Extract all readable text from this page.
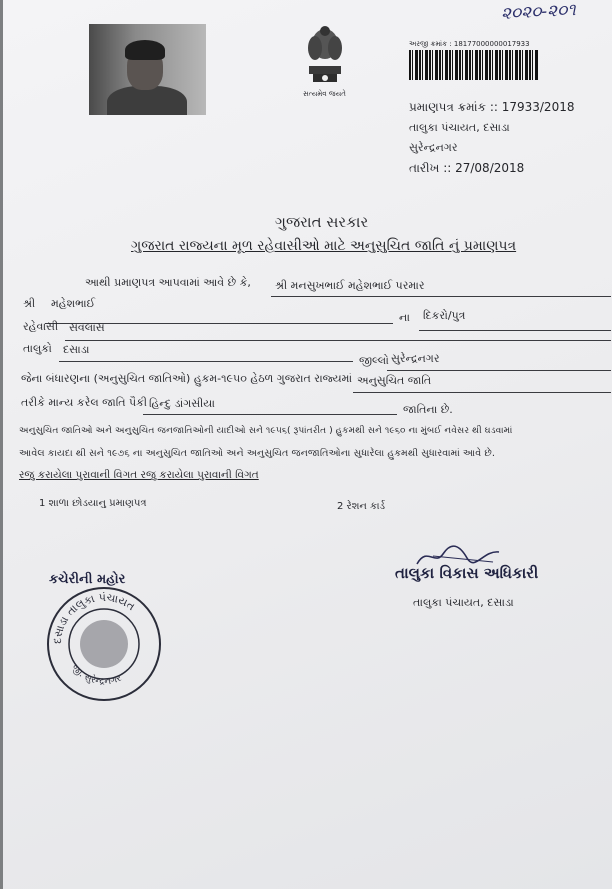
૨૦૨૦-૨૦૧
સત્યમેવ જયતે
અરજી ક્રમાંક : 18177000000017933
પ્રમાણપત્ર ક્રમાંક :: 17933/2018
તાલુકા પંચાયત, દસાડા
સુરેન્દ્રનગર
તારીખ :: 27/08/2018
ગુજરાત સરકાર
ગુજરાત રાજ્યના મૂળ રહેવાસીઓ માટે અનુસુચિત જાતિ નું પ્રમાણપત્ર
આથી પ્રમાણપત્ર આપવામાં આવે છે કે, શ્રી મનસુખભાઈ મહેશભાઈ પરમાર
શ્રી મહેશભાઈ
ના દિકરો/પુત્ર
રહેવાસી સવલાસ
તાલુકો દસાડા
જીલ્લો સુરેન્દ્રનગર
જેના બંધારણના (અનુસુચિત જાતિઓ) હુકમ-૧૯૫૦ હેઠળ ગુજરાત રાજ્યમાં અનુસુચિત જાતિ
તરીકે માન્ય કરેલ જાતિ પૈકી હિન્દુ ડાંગસીયા	જાતિના છે.
અનુસુચિત જાતિઓ અને અનુસુચિત જનજાતિઓની યાદીઓ સને ૧૯૫૬( રૂપાંતરીત ) હુકમથી સને ૧૯૬૦ ના મુંબઈ નવેસર થી ઘડવામાં
આવેલ કાયદા થી સને ૧૯૭૬ ના અનુસુચિત જાતિઓ અને અનુસુચિત જનજાતિઓના સુધારેલા હુકમથી સુધારવામાં આવે છે.
રજુ કરાયેલા પુરાવાની વિગત રજુ કરાયેલા પુરાવાની વિગત
1 શાળા છોડયાનુ પ્રમાણપત્ર	2 રેશન કાર્ડ
કચેરીની મહોર
દસાડા તાલુકા પંચાયત
જી. સુરેન્દ્રનગર
તાલુકા વિકાસ અધિકારી
તાલુકા પંચાયત, દસાડા
